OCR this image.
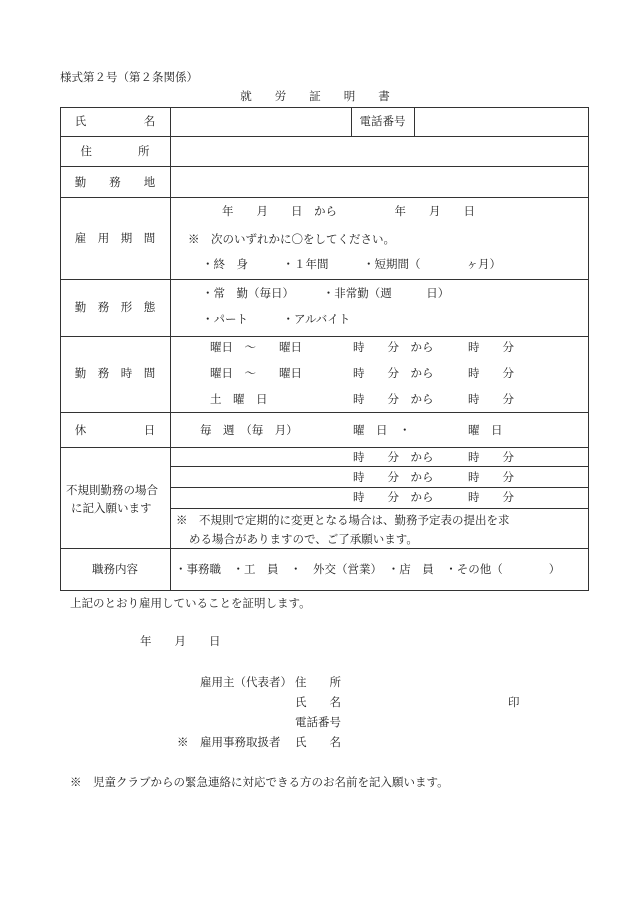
様式第２号（第２条関係）
就　　労　　証　　明　　書
氏　　　　　名	電話番号
住　　　　所
勤　　務　　地
雇　用　期　間
年　　月　　日　から　　　　　年　　月　　日
※　次のいずれかに〇をしてください。
・終　身　　　・１年間　　　・短期間（　　　　ヶ月）
勤　務　形　態
・常　勤（毎日）　　　・非常勤（週　　　日）
・パート　　　・アルバイト
勤　務　時　間
曜日　〜　　曜日	時　　分　から　　　時　　分
曜日　〜　　曜日	時　　分　から　　　時　　分
土　曜　日	時　　分　から　　　時　　分
休　　　　　日	毎　週　（毎　月）	曜　日　・　　　　　曜　日
不規則勤務の場合
に記入願います
時　　分　から　　　時　　分
時　　分　から　　　時　　分
時　　分　から　　　時　　分
※　不規則で定期的に変更となる場合は、勤務予定表の提出を求
める場合がありますので、ご了承願います。
職務内容	・事務職　・工　員　・　外交（営業）　・店　員　・その他（　　　　）
上記のとおり雇用していることを証明します。
年　　月　　日
雇用主（代表者） 住　　所
氏　　名	印
電話番号
※　雇用事務取扱者 氏　　名
※　児童クラブからの緊急連絡に対応できる方のお名前を記入願います。
